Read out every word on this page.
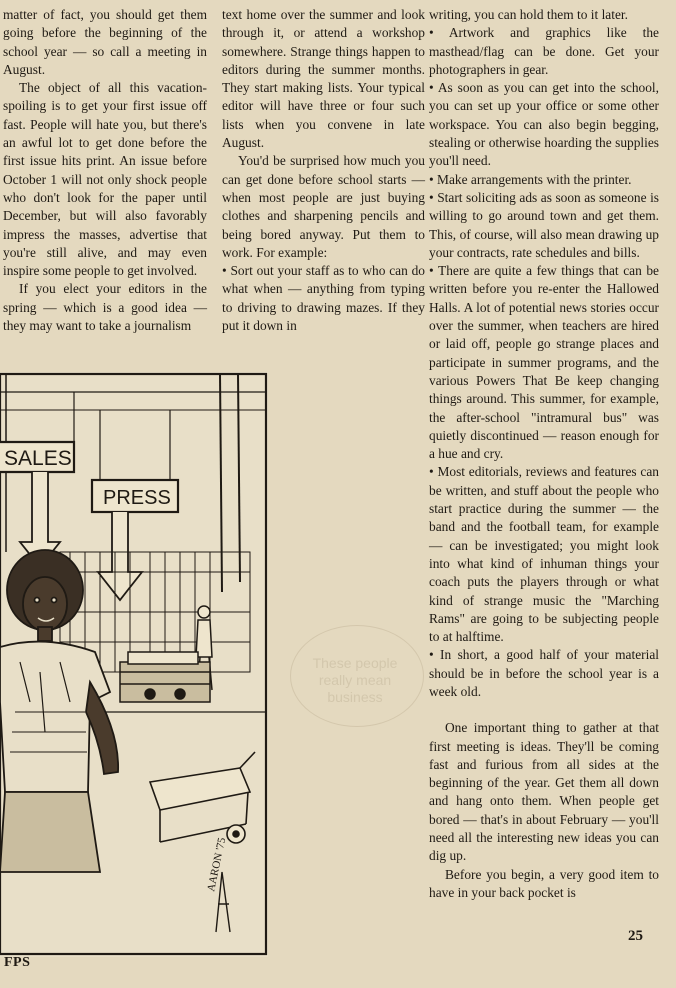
matter of fact, you should get them going before the beginning of the school year — so call a meeting in August.

The object of all this vacation-spoiling is to get your first issue off fast. People will hate you, but there's an awful lot to get done before the first issue hits print. An issue before October 1 will not only shock people who don't look for the paper until December, but will also favorably impress the masses, advertise that you're still alive, and may even inspire some people to get involved.

If you elect your editors in the spring — which is a good idea — they may want to take a journalism

text home over the summer and look through it, or attend a workshop somewhere. Strange things happen to editors during the summer months. They start making lists. Your typical editor will have three or four such lists when you convene in late August.

You'd be surprised how much you can get done before school starts — when most people are just buying clothes and sharpening pencils and being bored anyway. Put them to work. For example:

• Sort out your staff as to who can do what when — anything from typing to driving to drawing mazes. If they put it down in

writing, you can hold them to it later.

• Artwork and graphics like the masthead/flag can be done. Get your photographers in gear.

• As soon as you can get into the school, you can set up your office or some other workspace. You can also begin begging, stealing or otherwise hoarding the supplies you'll need.

• Make arrangements with the printer.

• Start soliciting ads as soon as someone is willing to go around town and get them. This, of course, will also mean drawing up your contracts, rate schedules and bills.

• There are quite a few things that can be written before you re-enter the Hallowed Halls. A lot of potential news stories occur over the summer, when teachers are hired or laid off, people go strange places and participate in summer programs, and the various Powers That Be keep changing things around. This summer, for example, the after-school "intramural bus" was quietly discontinued — reason enough for a hue and cry.

• Most editorials, reviews and features can be written, and stuff about the people who start practice during the summer — the band and the football team, for example — can be investigated; you might look into what kind of inhuman things your coach puts the players through or what kind of strange music the "Marching Rams" are going to be subjecting people to at halftime.

• In short, a good half of your material should be in before the school year is a week old.

One important thing to gather at that first meeting is ideas. They'll be coming fast and furious from all sides at the beginning of the year. Get them all down and hang onto them. When people get bored — that's in about February — you'll need all the interesting new ideas you can dig up.

Before you begin, a very good item to have in your back pocket is

These people really mean business
SALES
PRESS
AARON '75
FPS
25
